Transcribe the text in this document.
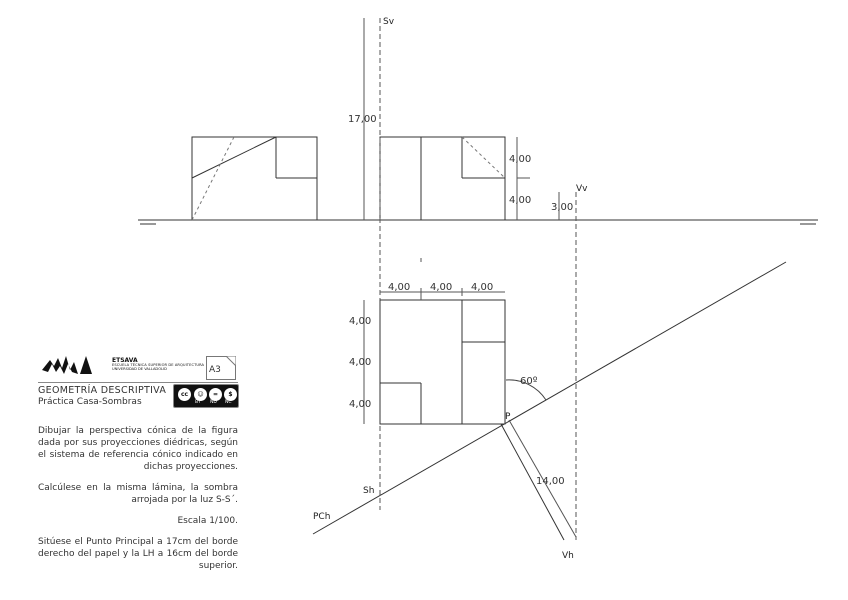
Sv
Vv
P
Sh
PCh
Vh
17,00
4,00
4,00
3,00
4,00 4,00 4,00
4,00
4,00
4,00
60º
14,00
ETSAVA
ESCUELA TÉCNICA SUPERIOR DE ARQUITECTURA
UNIVERSIDAD DE VALLADOLID	A3
GEOMETRÍA DESCRIPTIVA
Práctica Casa-Sombras
cc	☺	=	$
BY ND NC

Dibujar la perspectiva cónica de la figura dada por sus proyecciones diédricas, según el sistema de referencia cónico indicado en dichas proyecciones.

Calcúlese en la misma lámina, la sombra arrojada por la luz S-S´.

Escala 1/100.

Sitúese el Punto Principal a 17cm del borde derecho del papel y la LH a 16cm del borde superior.
